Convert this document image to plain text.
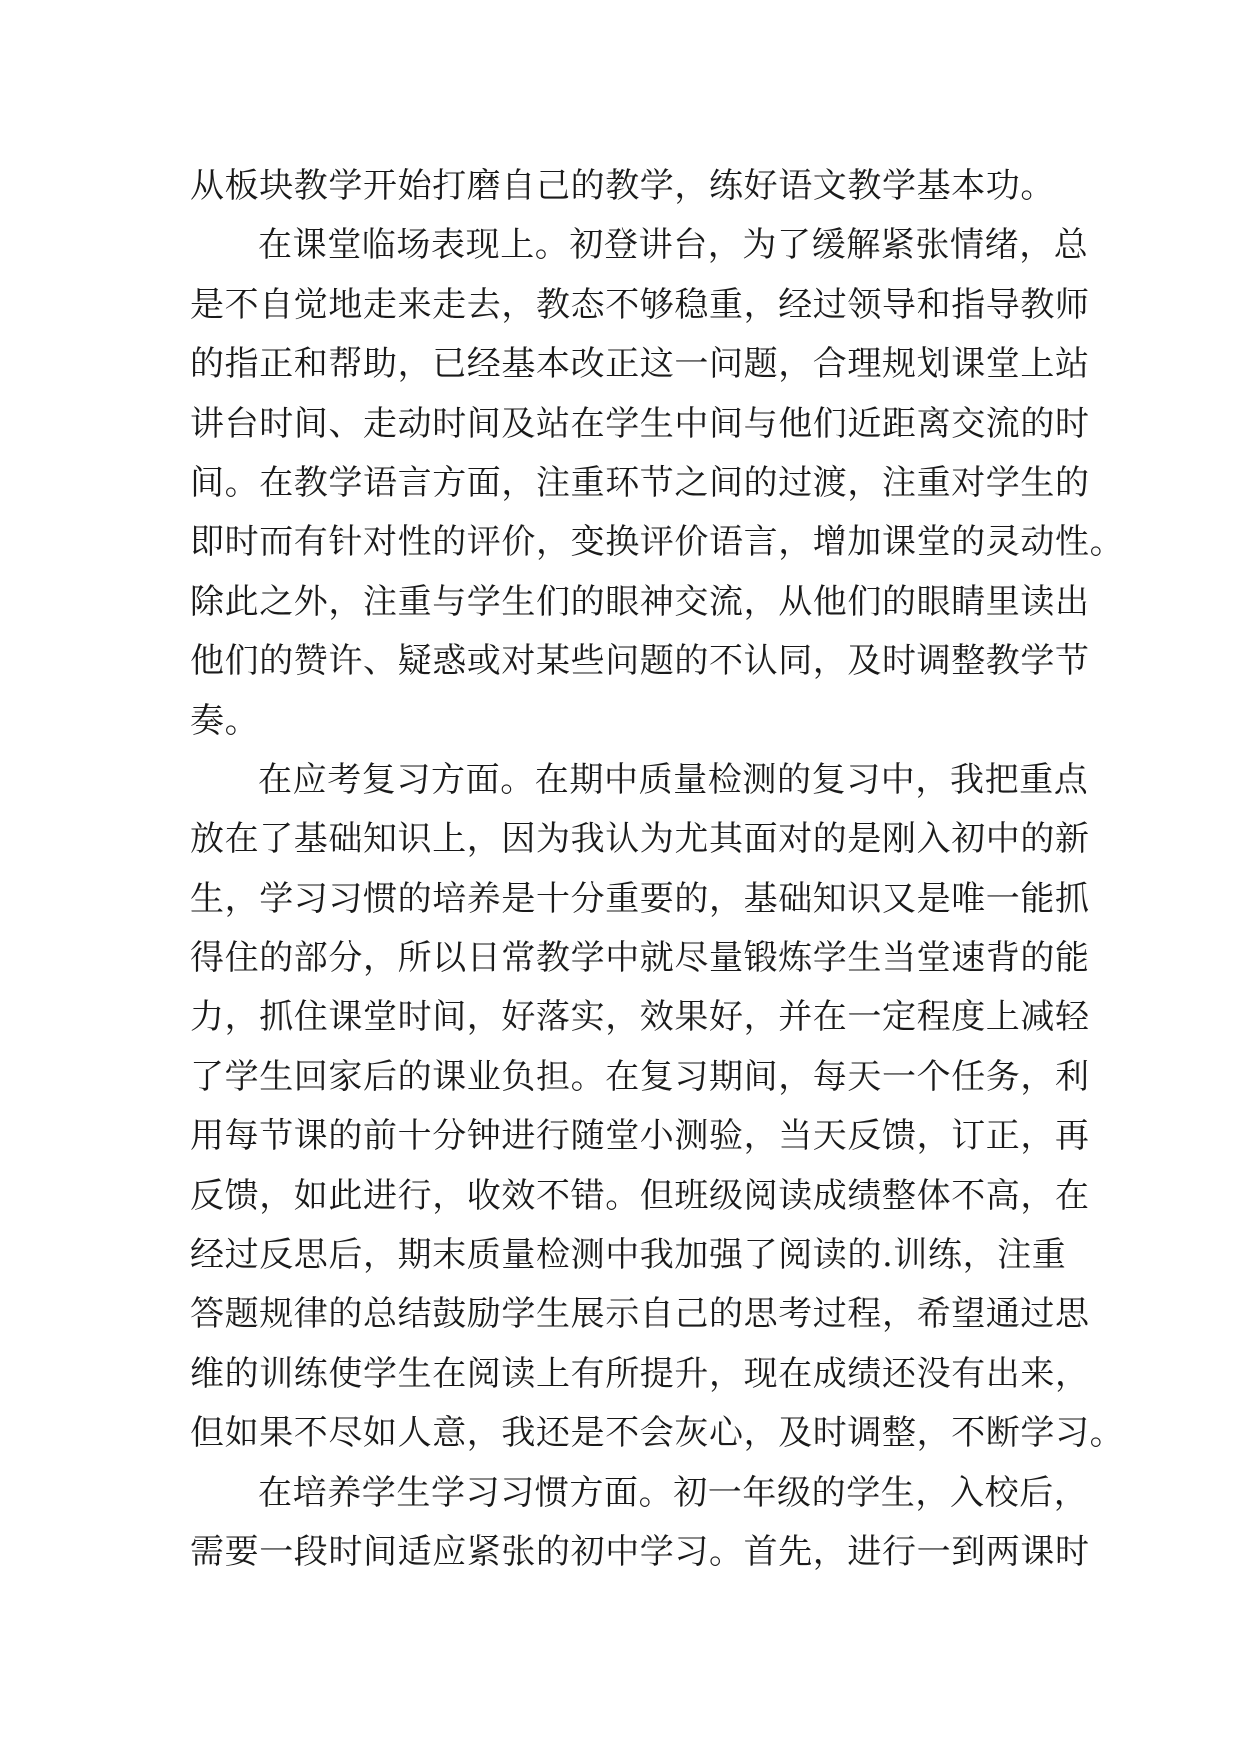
从板块教学开始打磨自己的教学，练好语文教学基本功。
在课堂临场表现上。初登讲台，为了缓解紧张情绪，总
是不自觉地走来走去，教态不够稳重，经过领导和指导教师
的指正和帮助，已经基本改正这一问题，合理规划课堂上站
讲台时间、走动时间及站在学生中间与他们近距离交流的时
间。在教学语言方面，注重环节之间的过渡，注重对学生的
即时而有针对性的评价，变换评价语言，增加课堂的灵动性。
除此之外，注重与学生们的眼神交流，从他们的眼睛里读出
他们的赞许、疑惑或对某些问题的不认同，及时调整教学节
奏。
在应考复习方面。在期中质量检测的复习中，我把重点
放在了基础知识上，因为我认为尤其面对的是刚入初中的新
生，学习习惯的培养是十分重要的，基础知识又是唯一能抓
得住的部分，所以日常教学中就尽量锻炼学生当堂速背的能
力，抓住课堂时间，好落实，效果好，并在一定程度上减轻
了学生回家后的课业负担。在复习期间，每天一个任务，利
用每节课的前十分钟进行随堂小测验，当天反馈，订正，再
反馈，如此进行，收效不错。但班级阅读成绩整体不高，在
经过反思后，期末质量检测中我加强了阅读的.训练，注重
答题规律的总结鼓励学生展示自己的思考过程，希望通过思
维的训练使学生在阅读上有所提升，现在成绩还没有出来，
但如果不尽如人意，我还是不会灰心，及时调整，不断学习。
在培养学生学习习惯方面。初一年级的学生，入校后，
需要一段时间适应紧张的初中学习。首先，进行一到两课时
